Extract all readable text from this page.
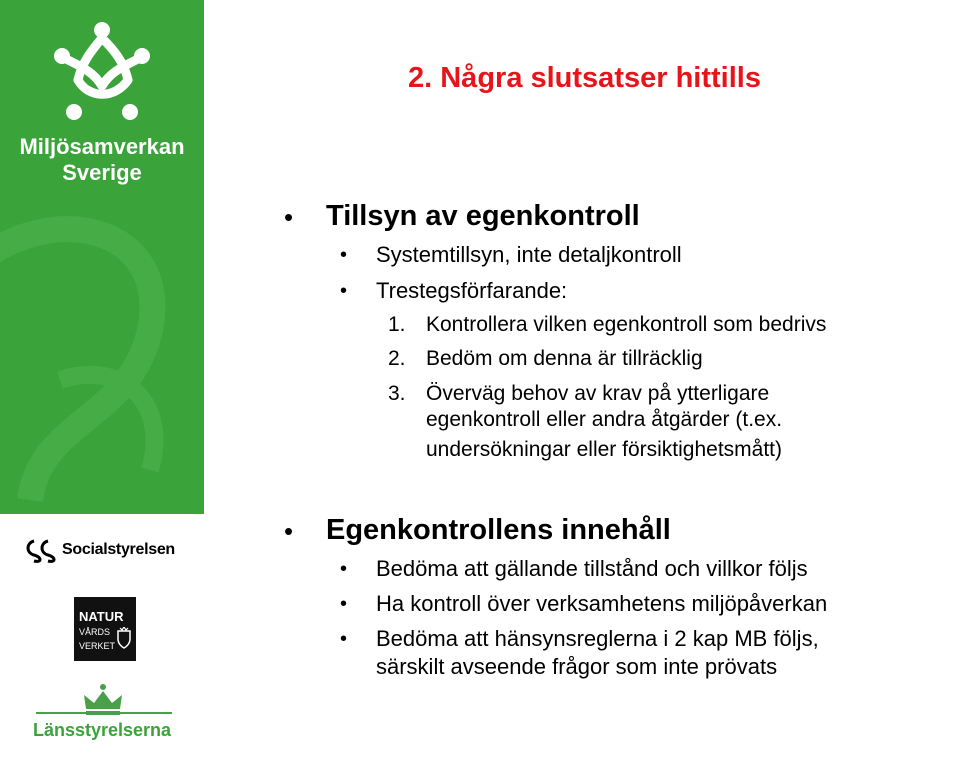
Miljösamverkan
Sverige
Socialstyrelsen
NATUR
VÅRDS
VERKET
Länsstyrelserna
2. Några slutsatser hittills
• Tillsyn av egenkontroll
• Systemtillsyn, inte detaljkontroll
• Trestegsförfarande:
1. Kontrollera vilken egenkontroll som bedrivs
2. Bedöm om denna är tillräcklig
3. Överväg behov av krav på ytterligare
egenkontroll eller andra åtgärder (t.ex.
undersökningar eller försiktighetsmått)
• Egenkontrollens innehåll
• Bedöma att gällande tillstånd och villkor följs
• Ha kontroll över verksamhetens miljöpåverkan
• Bedöma att hänsynsreglerna i 2 kap MB följs,
särskilt avseende frågor som inte prövats
